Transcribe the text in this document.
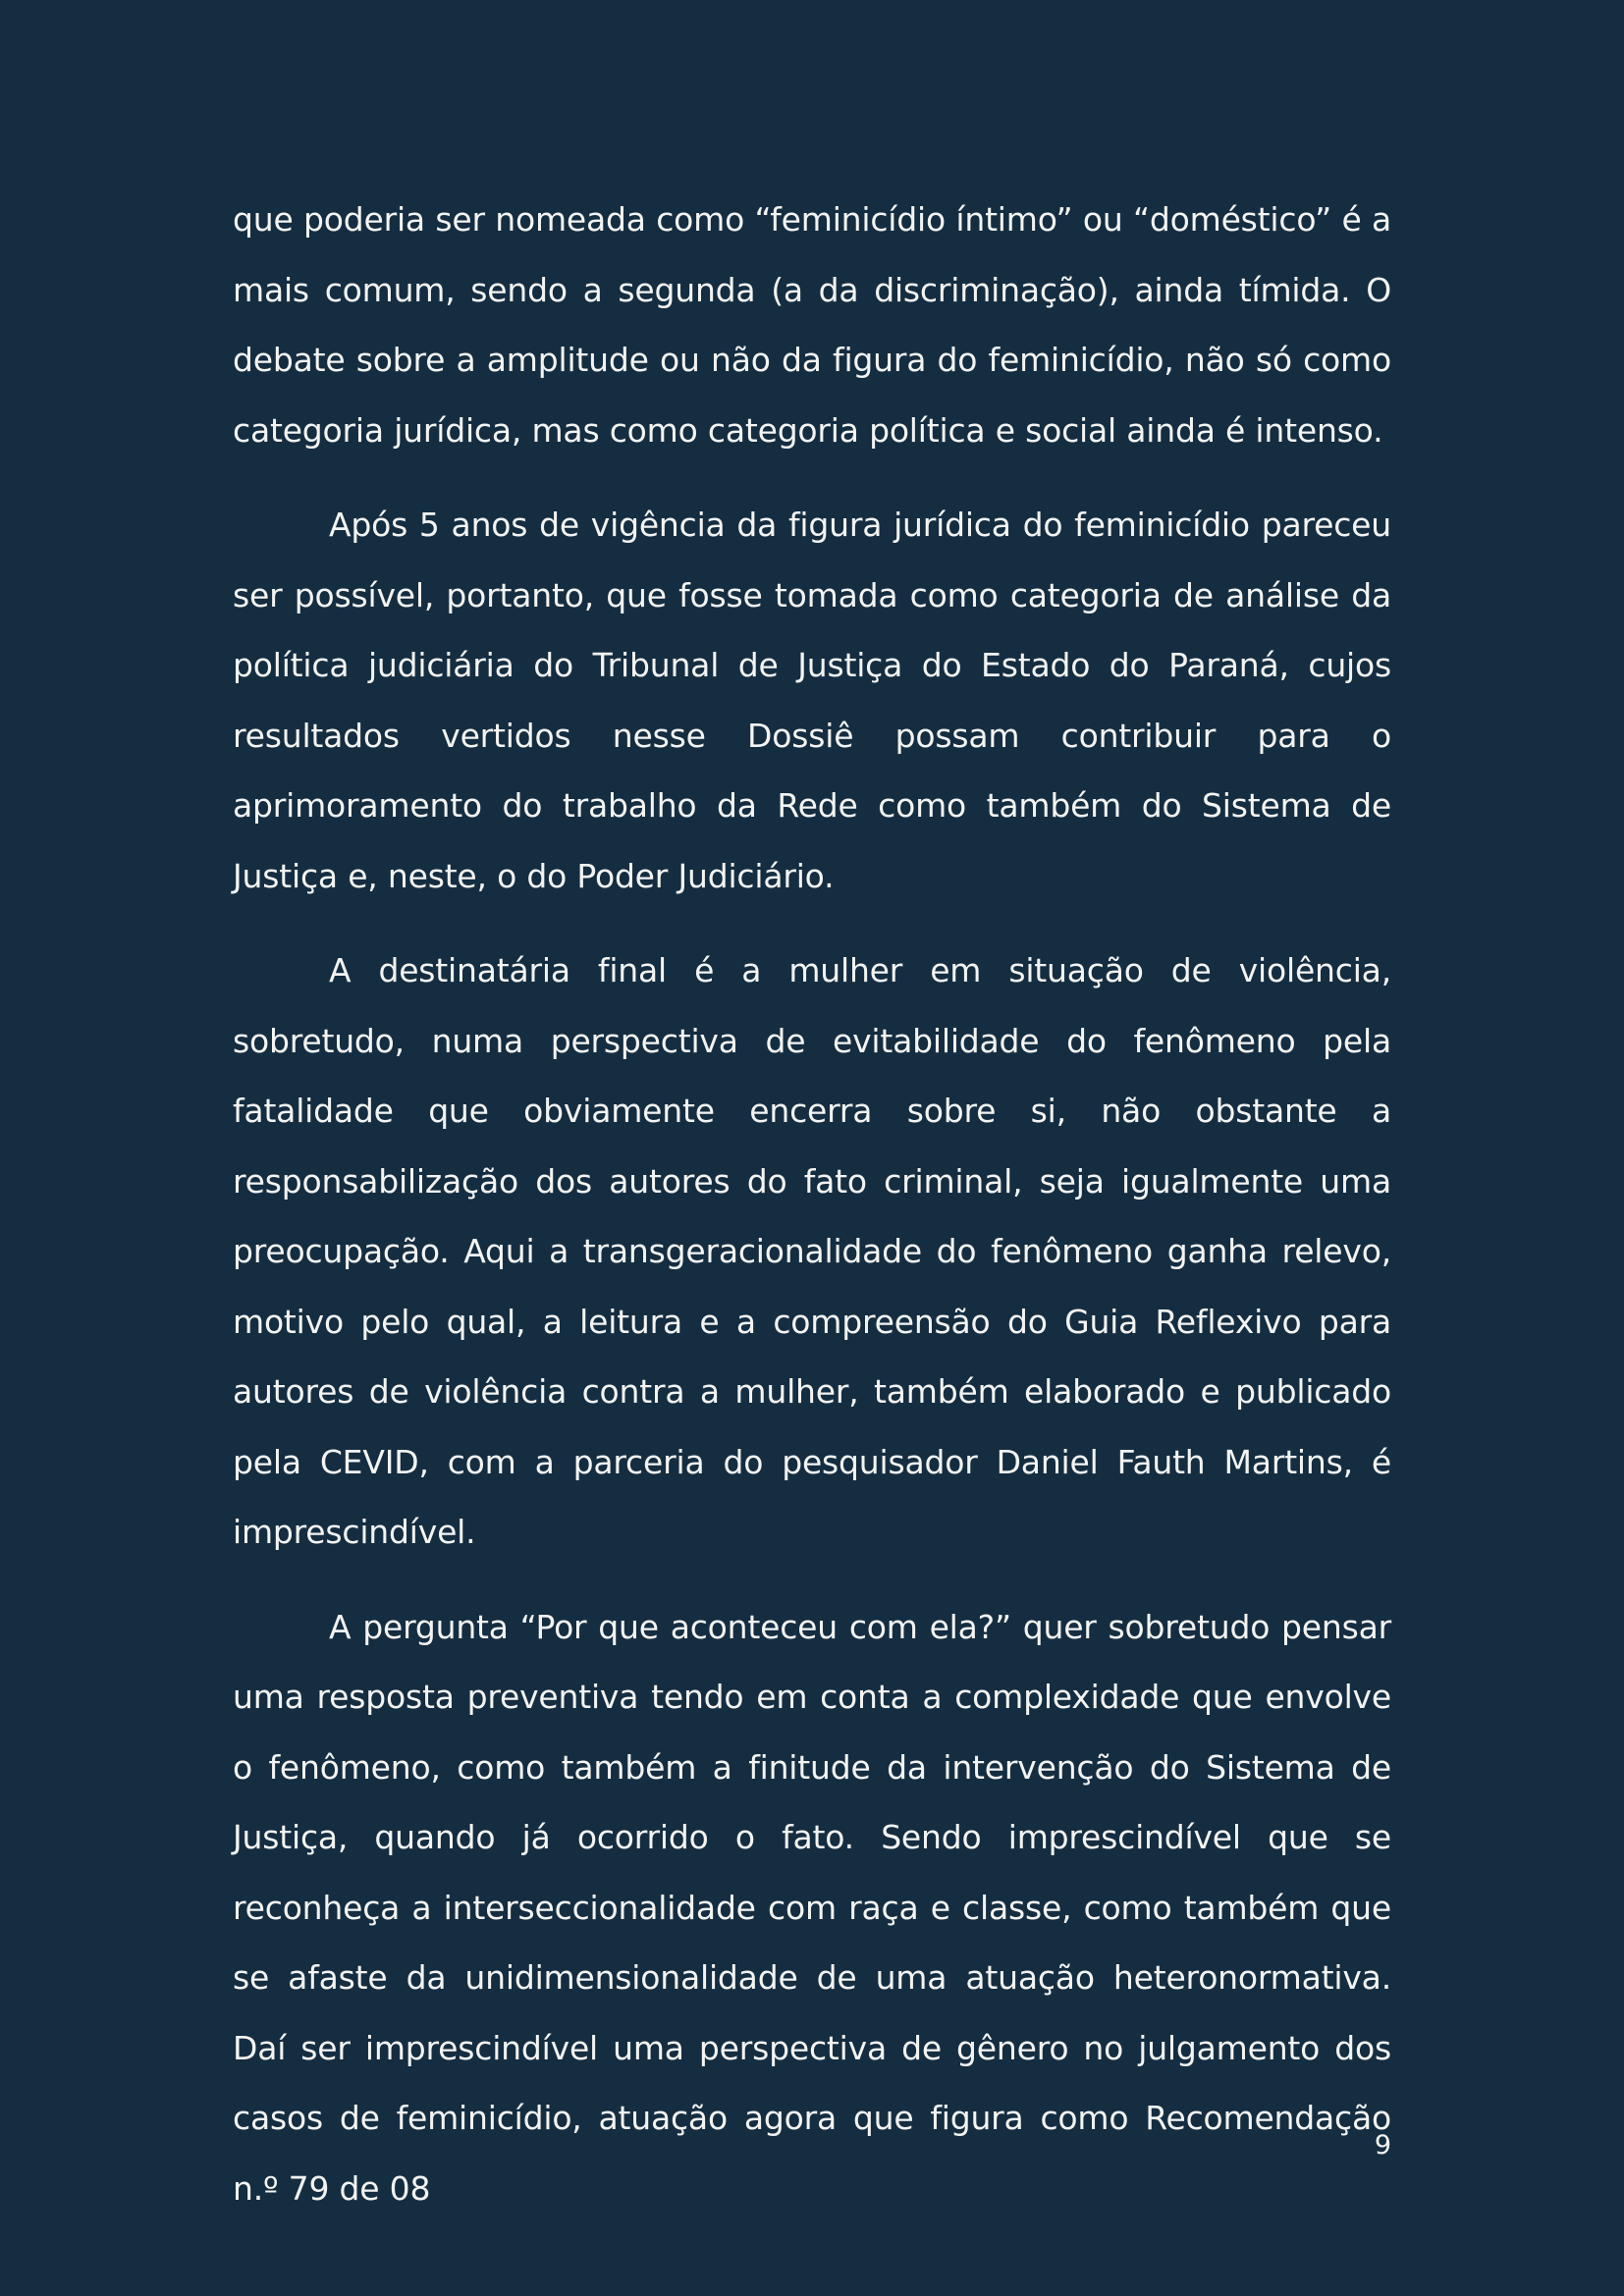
que poderia ser nomeada como “feminicídio íntimo” ou “doméstico” é a mais comum, sendo a segunda (a da discriminação), ainda tímida. O debate sobre a amplitude ou não da figura do feminicídio, não só como categoria jurídica, mas como categoria política e social ainda é intenso.

Após 5 anos de vigência da figura jurídica do feminicídio pareceu ser possível, portanto, que fosse tomada como categoria de análise da política judiciária do Tribunal de Justiça do Estado do Paraná, cujos resultados vertidos nesse Dossiê possam contribuir para o aprimoramento do trabalho da Rede como também do Sistema de Justiça e, neste, o do Poder Judiciário.

A destinatária final é a mulher em situação de violência, sobretudo, numa perspectiva de evitabilidade do fenômeno pela fatalidade que obviamente encerra sobre si, não obstante a responsabilização dos autores do fato criminal, seja igualmente uma preocupação. Aqui a transgeracionalidade do fenômeno ganha relevo, motivo pelo qual, a leitura e a compreensão do Guia Reflexivo para autores de violência contra a mulher, também elaborado e publicado pela CEVID, com a parceria do pesquisador Daniel Fauth Martins, é imprescindível.

A pergunta “Por que aconteceu com ela?” quer sobretudo pensar uma resposta preventiva tendo em conta a complexidade que envolve o fenômeno, como também a finitude da intervenção do Sistema de Justiça, quando já ocorrido o fato. Sendo imprescindível que se reconheça a interseccionalidade com raça e classe, como também que se afaste da unidimensionalidade de uma atuação heteronormativa. Daí ser imprescindível uma perspectiva de gênero no julgamento dos casos de feminicídio, atuação agora que figura como Recomendação n.º 79 de 08

9
